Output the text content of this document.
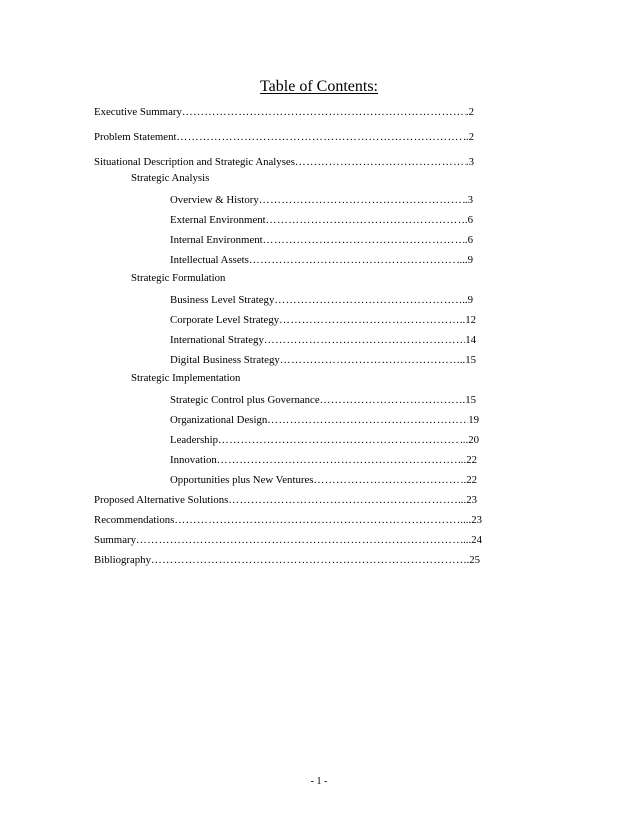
Table of Contents:
Executive Summary ………………………………………………………………………………………………………………………………………………………………	.2
Problem Statement ………………………………………………………………………………………………………………………………………………………………	..2
Situational Description and Strategic Analyses ………………………………………………………………………………………………………………………………………………………………	.3
Strategic Analysis
Overview & History ………………………………………………………………………………………………………………………………………………………………	.3
External Environment ………………………………………………………………………………………………………………………………………………………………	.6
Internal Environment ………………………………………………………………………………………………………………………………………………………………	.6
Intellectual Assets ………………………………………………………………………………………………………………………………………………………………	....9
Strategic Formulation
Business Level Strategy ………………………………………………………………………………………………………………………………………………………………	..9
Corporate Level Strategy ………………………………………………………………………………………………………………………………………………………………	..12
International Strategy ………………………………………………………………………………………………………………………………………………………………	14
Digital Business Strategy ………………………………………………………………………………………………………………………………………………………………	..15
Strategic Implementation
Strategic Control plus Governance ………………………………………………………………………………………………………………………………………………………………	.15
Organizational Design ………………………………………………………………………………………………………………………………………………………………	19
Leadership ………………………………………………………………………………………………………………………………………………………………	...20
Innovation ………………………………………………………………………………………………………………………………………………………………	...22
Opportunities plus New Ventures ………………………………………………………………………………………………………………………………………………………………	..22
Proposed Alternative Solutions ………………………………………………………………………………………………………………………………………………………………	...23
Recommendations ………………………………………………………………………………………………………………………………………………………………	....23
Summary ………………………………………………………………………………………………………………………………………………………………	....24
Bibliography ………………………………………………………………………………………………………………………………………………………………	.25
- 1 -
